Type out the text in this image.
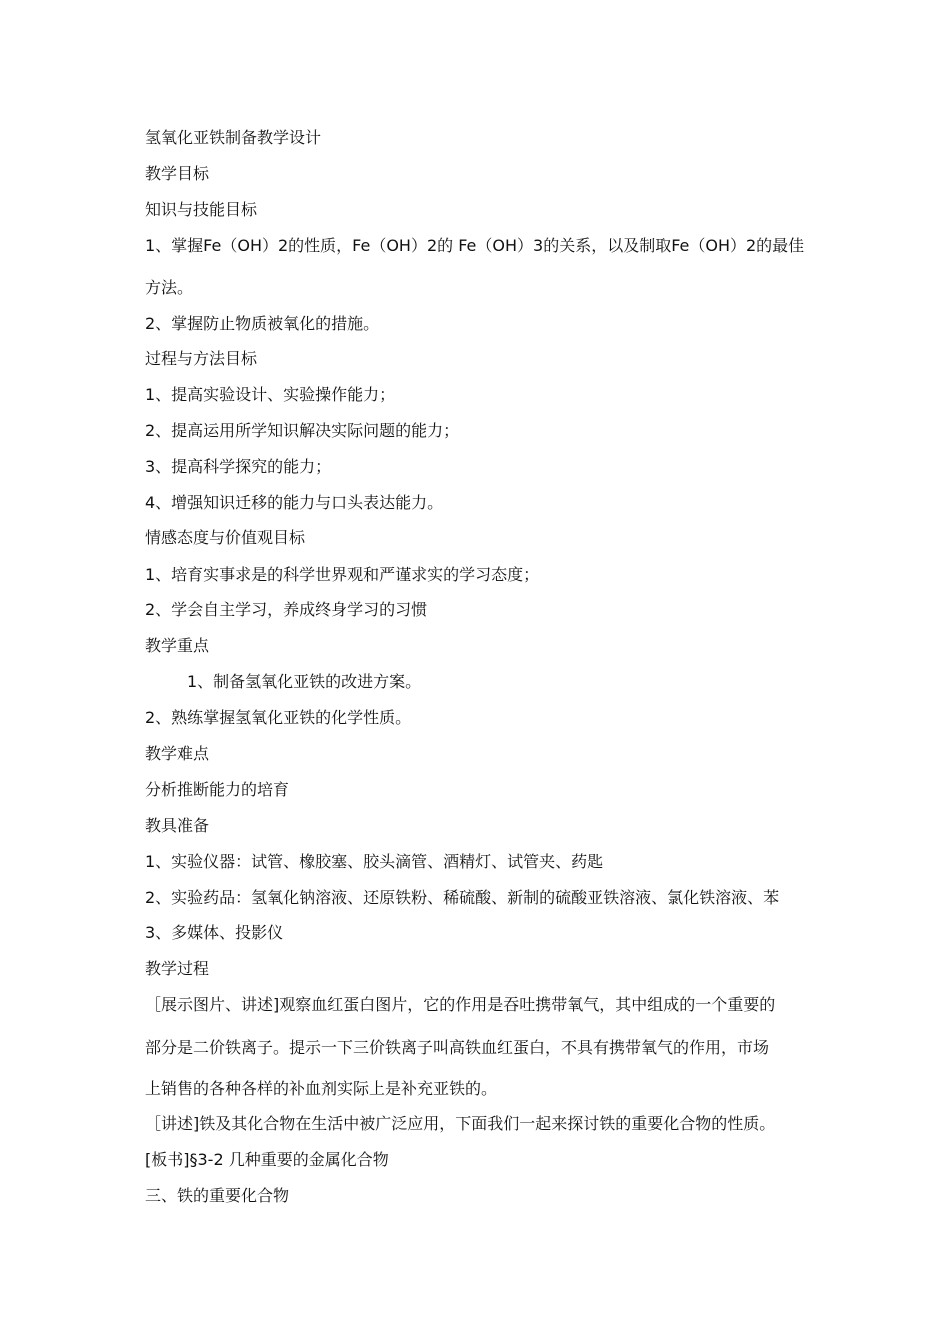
氢氧化亚铁制备教学设计
教学目标
知识与技能目标
1、掌握Fe（OH）2的性质，Fe（OH）2的 Fe（OH）3的关系，以及制取Fe（OH）2的最佳
方法。
2、掌握防止物质被氧化的措施。
过程与方法目标
1、提高实验设计、实验操作能力；
2、提高运用所学知识解决实际问题的能力；
3、提高科学探究的能力；
4、增强知识迁移的能力与口头表达能力。
情感态度与价值观目标
1、培育实事求是的科学世界观和严谨求实的学习态度；
2、学会自主学习，养成终身学习的习惯
教学重点
1、制备氢氧化亚铁的改进方案。
2、熟练掌握氢氧化亚铁的化学性质。
教学难点
分析推断能力的培育
教具准备
1、实验仪器：试管、橡胶塞、胶头滴管、酒精灯、试管夹、药匙
2、实验药品：氢氧化钠溶液、还原铁粉、稀硫酸、新制的硫酸亚铁溶液、氯化铁溶液、苯
3、多媒体、投影仪
教学过程
［展示图片、讲述]观察血红蛋白图片，它的作用是吞吐携带氧气，其中组成的一个重要的
部分是二价铁离子。提示一下三价铁离子叫高铁血红蛋白，不具有携带氧气的作用，市场
上销售的各种各样的补血剂实际上是补充亚铁的。
［讲述]铁及其化合物在生活中被广泛应用，下面我们一起来探讨铁的重要化合物的性质。
[板书]§3-2 几种重要的金属化合物
三、铁的重要化合物
